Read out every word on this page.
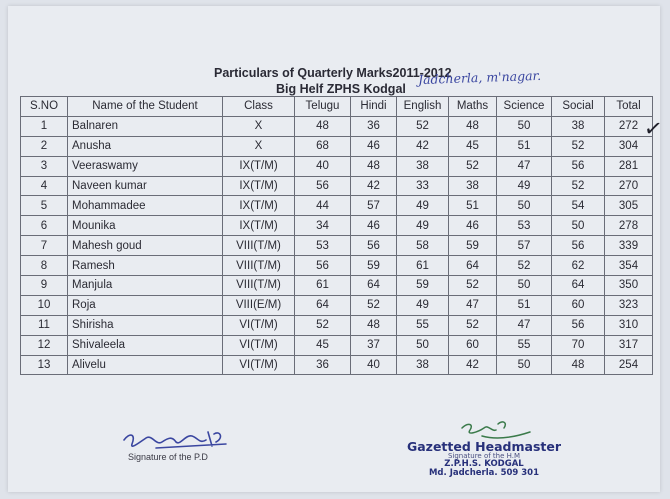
Particulars of Quarterly Marks2011-2012
Big Helf ZPHS Kodgal
Jadcherla, m'nagar.
S.NO	Name of the Student	Class	Telugu	Hindi	English	Maths	Science	Social	Total
1	Balnaren	X	48	36	52	48	50	38	272
2	Anusha	X	68	46	42	45	51	52	304
3	Veeraswamy	IX(T/M)	40	48	38	52	47	56	281
4	Naveen kumar	IX(T/M)	56	42	33	38	49	52	270
5	Mohammadee	IX(T/M)	44	57	49	51	50	54	305
6	Mounika	IX(T/M)	34	46	49	46	53	50	278
7	Mahesh goud	VIII(T/M)	53	56	58	59	57	56	339
8	Ramesh	VIII(T/M)	56	59	61	64	52	62	354
9	Manjula	VIII(T/M)	61	64	59	52	50	64	350
10	Roja	VIII(E/M)	64	52	49	47	51	60	323
11	Shirisha	VI(T/M)	52	48	55	52	47	56	310
12	Shivaleela	VI(T/M)	45	37	50	60	55	70	317
13	Alivelu	VI(T/M)	36	40	38	42	50	48	254
✓
Signature of the P.D
Gazetted Headmaster
Signature of the H.M
Z.P.H.S. KODGAL
Md. Jadcherla. 509 301
